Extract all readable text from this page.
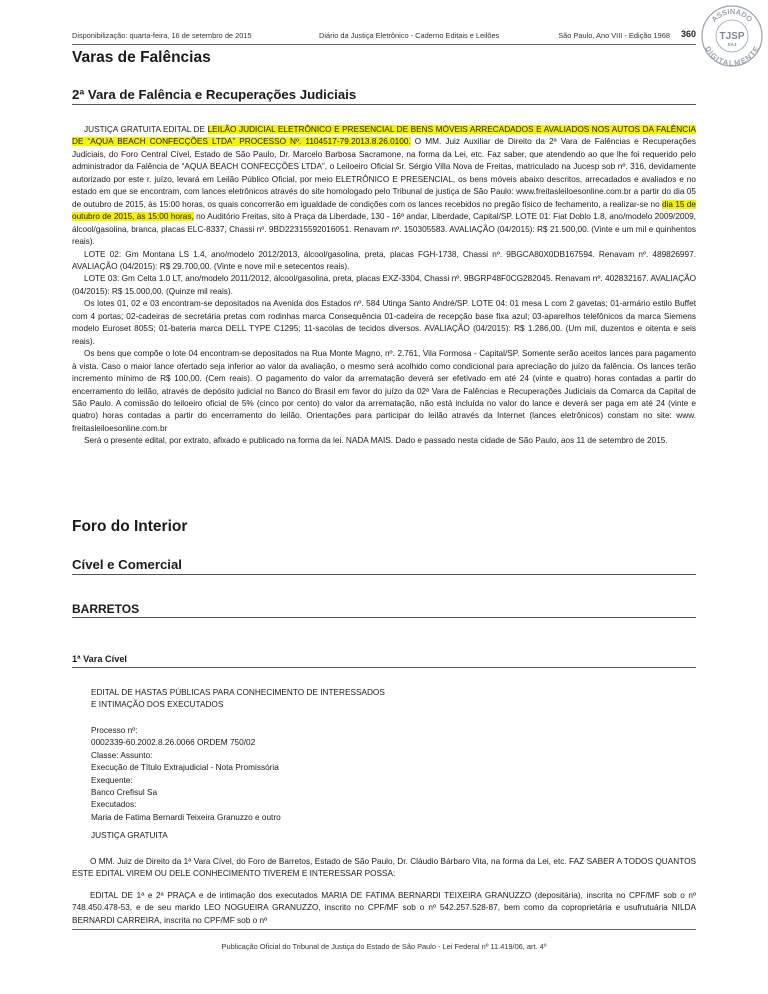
Disponibilização: quarta-feira, 16 de setembro de 2015	Diário da Justiça Eletrônico - Caderno Editais e Leilões	São Paulo, Ano VIII - Edição 1968 360
ASSINADO
DIGITALMENTE
TJSP
SAJ
Varas de Falências
2ª Vara de Falência e Recuperações Judiciais

JUSTIÇA GRATUITA EDITAL DE LEILÃO JUDICIAL ELETRÔNICO E PRESENCIAL DE BENS MÓVEIS ARRECADADOS E AVALIADOS NOS AUTOS DA FALÊNCIA DE “AQUA BEACH CONFECÇÕES LTDA” PROCESSO Nº. 1104517-79.2013.8.26.0100. O MM. Juiz Auxiliar de Direito da 2ª Vara de Falências e Recuperações Judiciais, do Foro Central Cível, Estado de São Paulo, Dr. Marcelo Barbosa Sacramone, na forma da Lei, etc. Faz saber, que atendendo ao que lhe foi requerido pelo administrador da Falência de “AQUA BEACH CONFECÇÕES LTDA”, o Leiloeiro Oficial Sr. Sérgio Villa Nova de Freitas, matriculado na Jucesp sob nº. 316, devidamente autorizado por este r. juízo, levará em Leilão Público Oficial, por meio ELETRÔNICO E PRESENCIAL, os bens móveis abaixo descritos, arrecadados e avaliados e no estado em que se encontram, com lances eletrônicos através do site homologado pelo Tribunal de justiça de São Paulo: www.freitasleiloesonline.com.br a partir do dia 05 de outubro de 2015, às 15:00 horas, os quais concorrerão em igualdade de condições com os lances recebidos no pregão físico de fechamento, a realizar-se no dia 15 de outubro de 2015, às 15:00 horas, no Auditório Freitas, sito à Praça da Liberdade, 130 - 16º andar, Liberdade, Capital/SP. LOTE 01: Fiat Doblo 1.8, ano/modelo 2009/2009, álcool/gasolina, branca, placas ELC-8337, Chassi nº. 9BD22315592016051. Renavam nº. 150305583. AVALIAÇÃO (04/2015): R$ 21.500,00. (Vinte e um mil e quinhentos reais).

LOTE 02: Gm Montana LS 1.4, ano/modelo 2012/2013, álcool/gasolina, preta, placas FGH-1738, Chassi nº. 9BGCA80X0DB167594. Renavam nº. 489826997. AVALIAÇÃO (04/2015): R$ 29.700,00. (Vinte e nove mil e setecentos reais).

LOTE 03: Gm Celta 1.0 LT, ano/modelo 2011/2012, álcool/gasolina, preta, placas EXZ-3304, Chassi nº. 9BGRP48F0CG282045. Renavam nº. 402832167. AVALIAÇÃO (04/2015): R$ 15.000,00. (Quinze mil reais).

Os lotes 01, 02 e 03 encontram-se depositados na Avenida dos Estados nº. 584 Utinga Santo André/SP. LOTE 04: 01 mesa L com 2 gavetas; 01-armário estilo Buffet com 4 portas; 02-cadeiras de secretária pretas com rodinhas marca Consequência 01-cadeira de recepção base fixa azul; 03-aparelhos telefônicos da marca Siemens modelo Euroset 805S; 01-bateria marca DELL TYPE C1295; 11-sacolas de tecidos diversos. AVALIAÇÃO (04/2015): R$ 1.286,00. (Um mil, duzentos e oitenta e seis reais).

Os bens que compõe o lote 04 encontram-se depositados na Rua Monte Magno, nº. 2.761, Vila Formosa - Capital/SP. Somente serão aceitos lances para pagamento à vista. Caso o maior lance ofertado seja inferior ao valor da avaliação, o mesmo será acolhido como condicional para apreciação do juízo da falência. Os lances terão incremento mínimo de R$ 100,00. (Cem reais). O pagamento do valor da arrematação deverá ser efetivado em até 24 (vinte e quatro) horas contadas a partir do encerramento do leilão, através de depósito judicial no Banco do Brasil em favor do juízo da 02ª Vara de Falências e Recuperações Judiciais da Comarca da Capital de São Paulo. A comissão do leiloeiro oficial de 5% (cinco por cento) do valor da arrematação, não está incluída no valor do lance e deverá ser paga em até 24 (vinte e quatro) horas contadas a partir do encerramento do leilão. Orientações para participar do leilão através da Internet (lances eletrônicos) constam no site: www. freitasleiloesonline.com.br

Será o presente edital, por extrato, afixado e publicado na forma da lei. NADA MAIS. Dado e passado nesta cidade de São Paulo, aos 11 de setembro de 2015.

Foro do Interior
Cível e Comercial
BARRETOS
1ª Vara Cível
EDITAL DE HASTAS PÚBLICAS PARA CONHECIMENTO DE INTERESSADOS
E INTIMAÇÃO DOS EXECUTADOS
Processo nº:
0002339-60.2002.8.26.0066 ORDEM 750/02
Classe: Assunto:
Execução de Título Extrajudicial - Nota Promissória
Exequente:
Banco Crefisul Sa
Executados:
Maria de Fatima Bernardi Teixeira Granuzzo e outro
JUSTIÇA GRATUITA

O MM. Juiz de Direito da 1ª Vara Cível, do Foro de Barretos, Estado de São Paulo, Dr. Cláudio Bárbaro Vita, na forma da Lei, etc. FAZ SABER A TODOS QUANTOS ESTE EDITAL VIREM OU DELE CONHECIMENTO TIVEREM E INTERESSAR POSSA:

EDITAL DE 1ª e 2ª PRAÇA e de intimação dos executados MARIA DE FATIMA BERNARDI TEIXEIRA GRANUZZO (depositária), inscrita no CPF/MF sob o nº 748.450.478-53, e de seu marido LEO NOGUEIRA GRANUZZO, inscrito no CPF/MF sob o nº 542.257.528-87, bem como da coproprietária e usufrutuária NILDA BERNARDI CARREIRA, inscrita no CPF/MF sob o nº

Publicação Oficial do Tribunal de Justiça do Estado de São Paulo - Lei Federal nº 11.419/06, art. 4º
